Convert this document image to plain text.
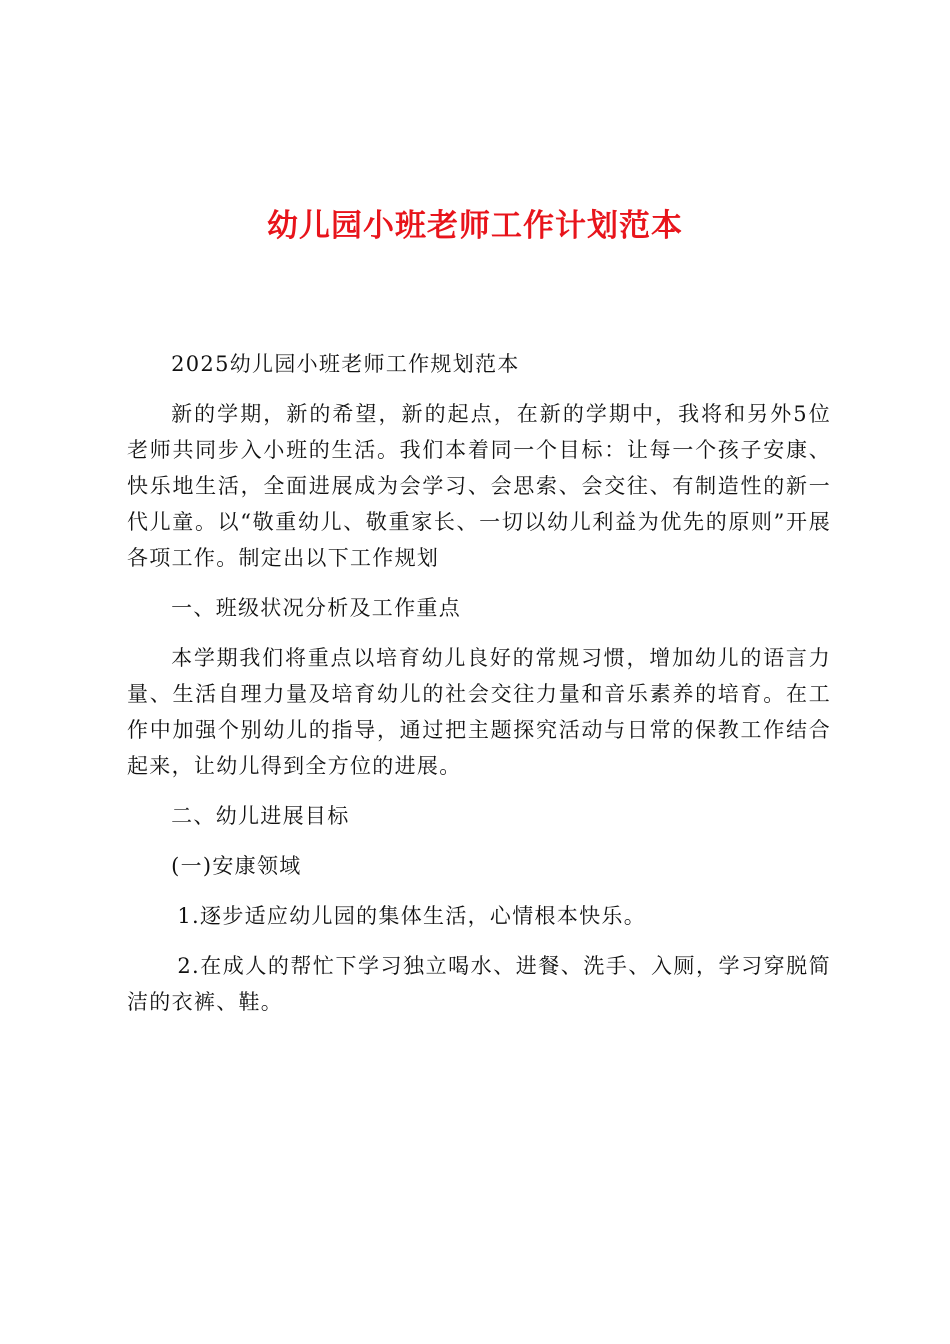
幼儿园小班老师工作计划范本

2025幼儿园小班老师工作规划范本

新的学期，新的希望，新的起点，在新的学期中，我将和另外5位老师共同步入小班的生活。我们本着同一个目标：让每一个孩子安康、快乐地生活，全面进展成为会学习、会思索、会交往、有制造性的新一代儿童。以“敬重幼儿、敬重家长、一切以幼儿利益为优先的原则”开展各项工作。制定出以下工作规划

一、班级状况分析及工作重点

本学期我们将重点以培育幼儿良好的常规习惯，增加幼儿的语言力量、生活自理力量及培育幼儿的社会交往力量和音乐素养的培育。在工作中加强个别幼儿的指导，通过把主题探究活动与日常的保教工作结合起来，让幼儿得到全方位的进展。

二、幼儿进展目标

(一)安康领域

1.逐步适应幼儿园的集体生活，心情根本快乐。

2.在成人的帮忙下学习独立喝水、进餐、洗手、入厕，学习穿脱简洁的衣裤、鞋。
